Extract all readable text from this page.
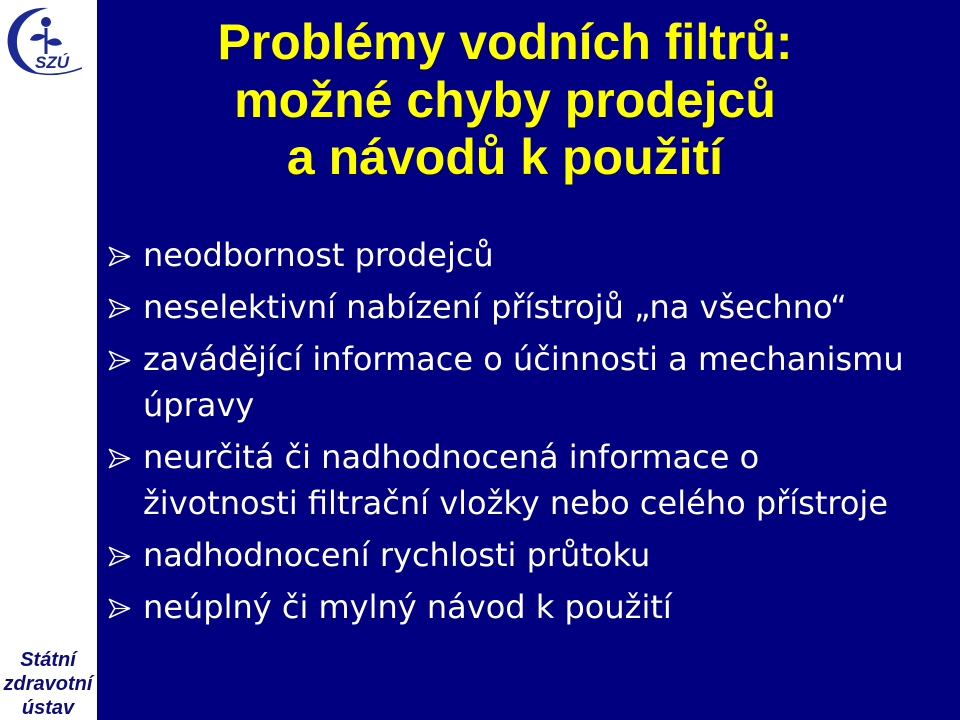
SZÚ
Státní
zdravotní
ústav
Problémy vodních filtrů:
možné chyby prodejců
a návodů k použití
neodbornost prodejců
neselektivní nabízení přístrojů „na všechno“
zavádějící informace o účinnosti a mechanismu
úpravy
neurčitá či nadhodnocená informace o
životnosti filtrační vložky nebo celého přístroje
nadhodnocení rychlosti průtoku
neúplný či mylný návod k použití
